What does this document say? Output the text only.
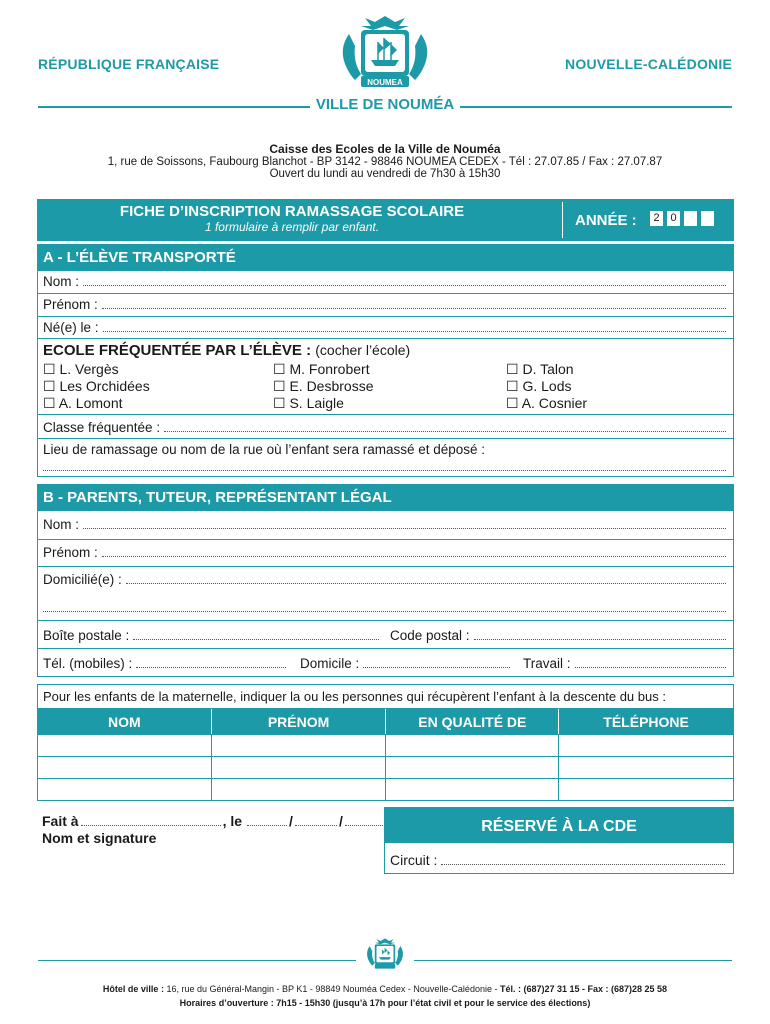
RÉPUBLIQUE FRANÇAISE	NOUVELLE-CALÉDONIE
NOUMEA
VILLE DE NOUMÉA
Caisse des Ecoles de la Ville de Nouméa
1, rue de Soissons, Faubourg Blanchot - BP 3142 - 98846 NOUMEA CEDEX - Tél : 27.07.85 / Fax : 27.07.87
Ouvert du lundi au vendredi de 7h30 à 15h30
FICHE D’INSCRIPTION RAMASSAGE SCOLAIRE
1 formulaire à remplir par enfant.	ANNÉE :	2 0
A - L’ÉLÈVE TRANSPORTÉ
Nom :
Prénom :
Né(e) le :
ECOLE FRÉQUENTÉE PAR L’ÉLÈVE : (cocher l’école)
☐ L. Vergès	☐ M. Fonrobert	☐ D. Talon
☐ Les Orchidées	☐ E. Desbrosse	☐ G. Lods
☐ A. Lomont	☐ S. Laigle	☐ A. Cosnier
Classe fréquentée :
Lieu de ramassage ou nom de la rue où l’enfant sera ramassé et déposé :
B - PARENTS, TUTEUR, REPRÉSENTANT LÉGAL
Nom :
Prénom :
Domicilié(e) :
Boîte postale :	Code postal :
Tél. (mobiles) :	Domicile :	Travail :
Pour les enfants de la maternelle, indiquer la ou les personnes qui récupèrent l’enfant à la descente du bus :
NOM	PRÉNOM	EN QUALITÉ DE	TÉLÉPHONE

Fait à	, le	/	/
Nom et signature
RÉSERVÉ À LA CDE
Circuit :
Hôtel de ville : 16, rue du Général-Mangin - BP K1 - 98849 Nouméa Cedex - Nouvelle-Calédonie - Tél. : (687)27 31 15 - Fax : (687)28 25 58
Horaires d’ouverture : 7h15 - 15h30 (jusqu’à 17h pour l’état civil et pour le service des élections)
